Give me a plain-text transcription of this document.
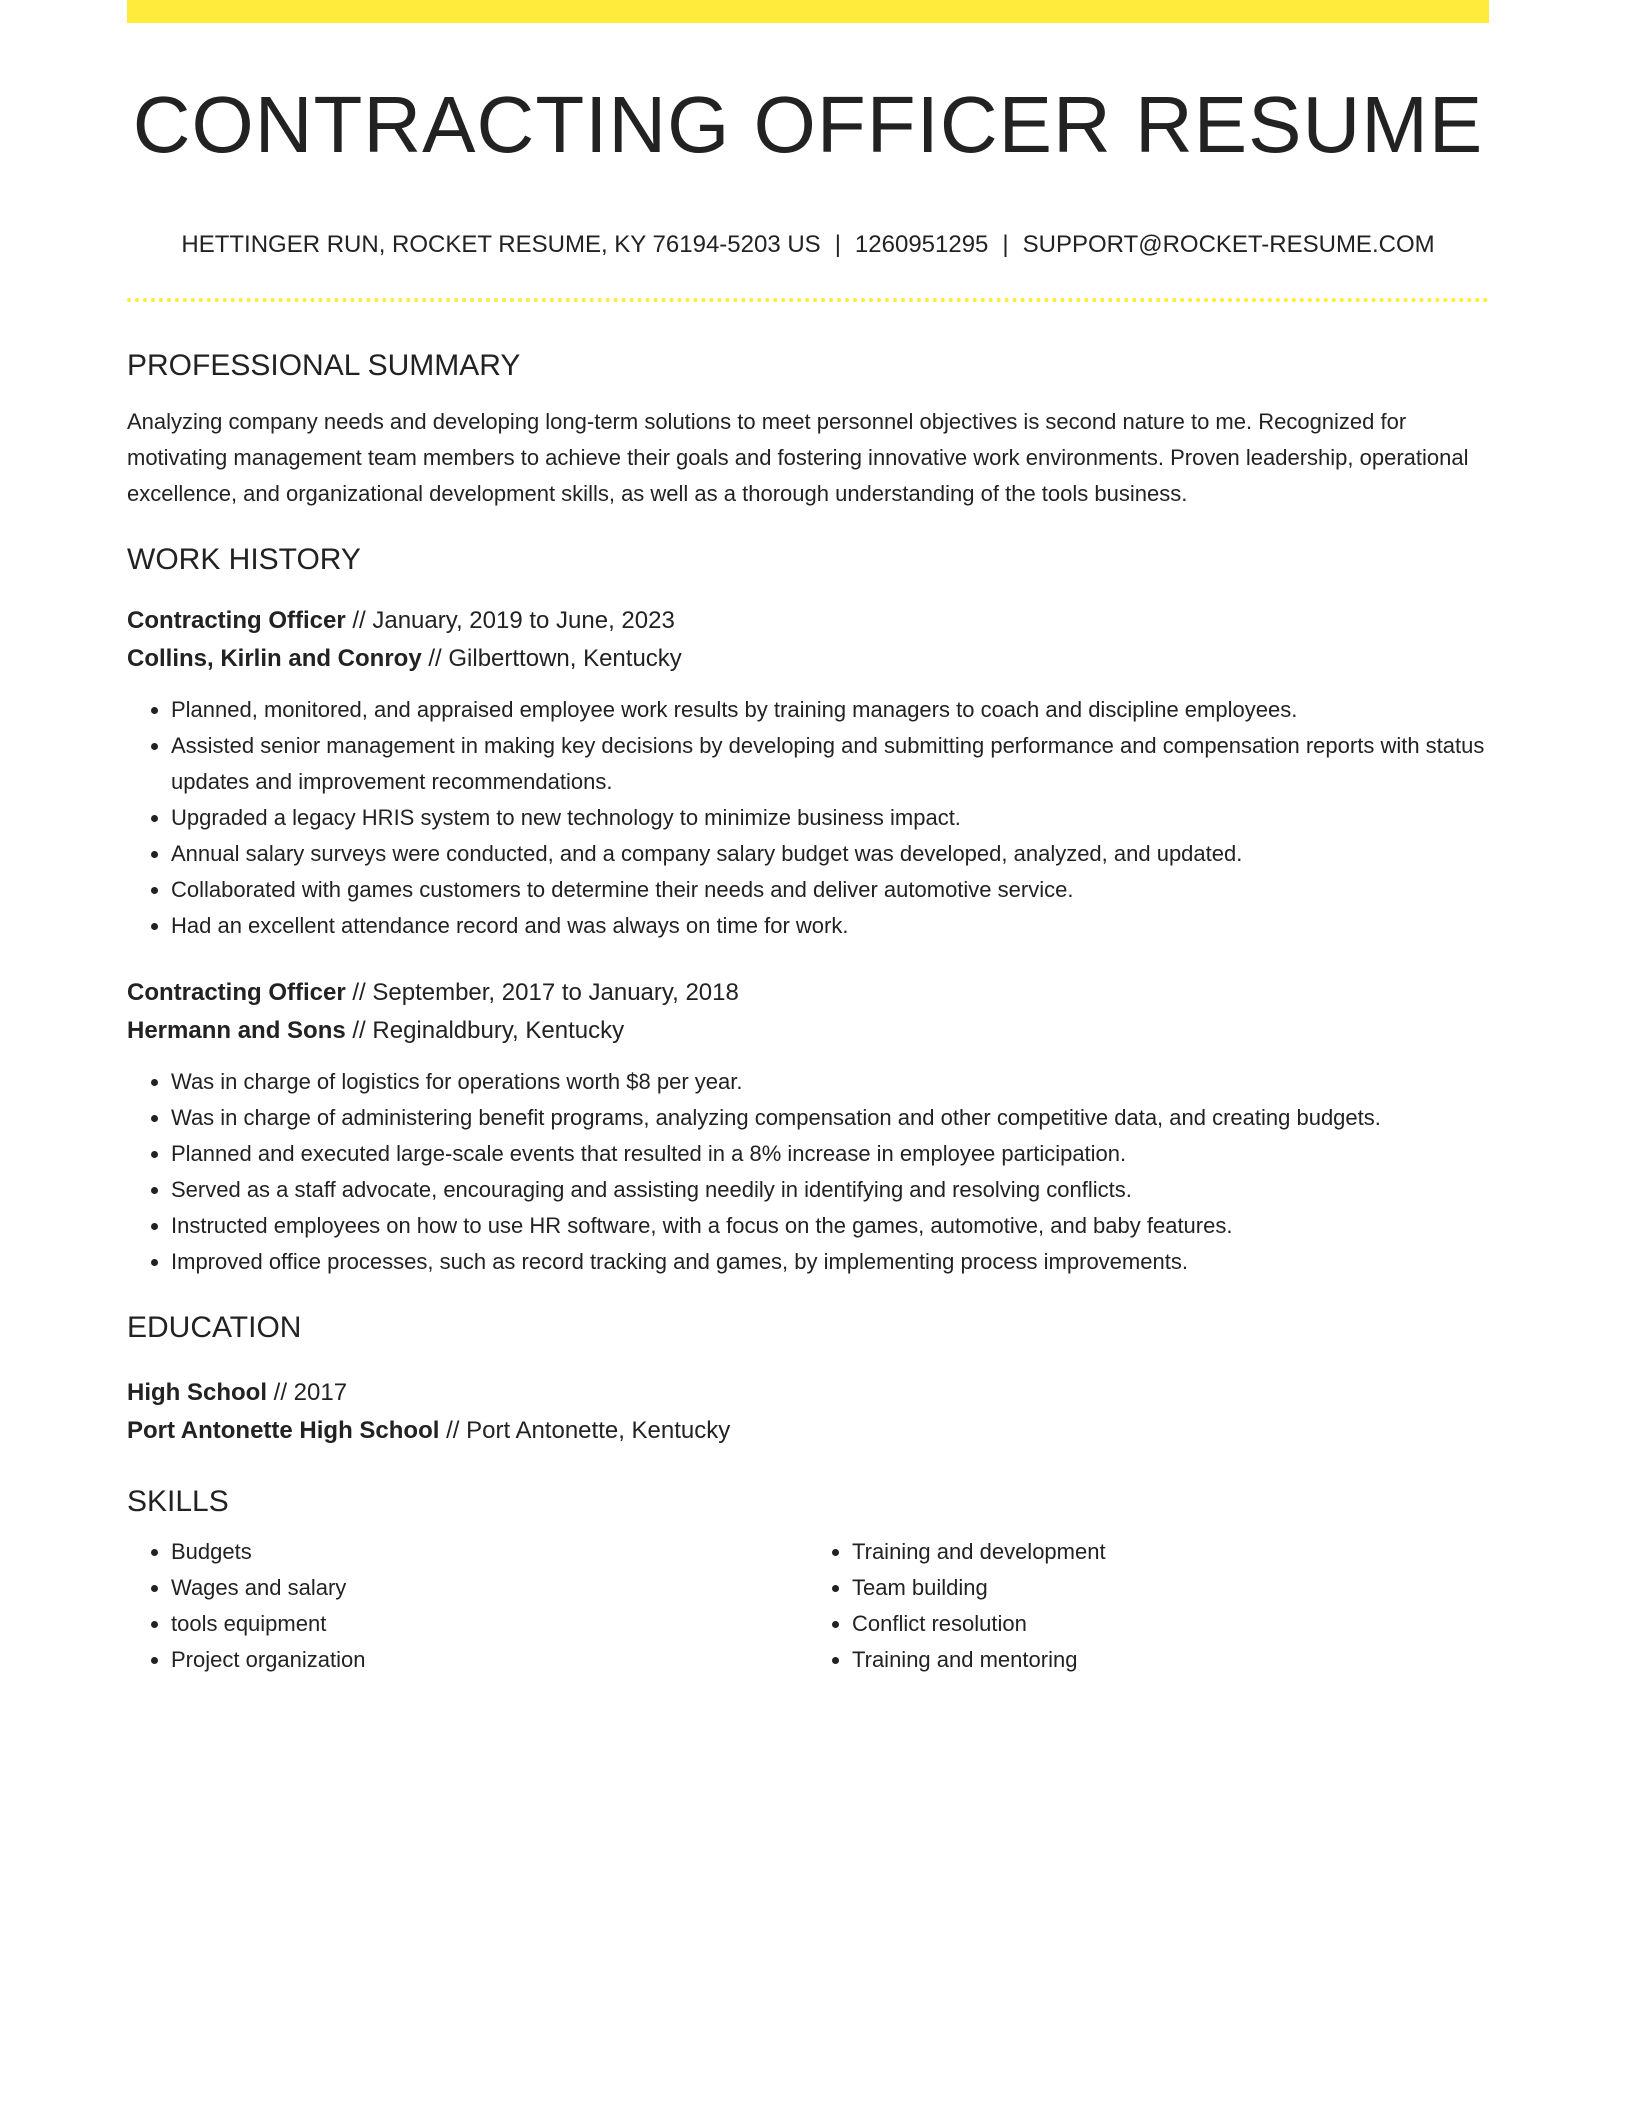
CONTRACTING OFFICER RESUME
HETTINGER RUN, ROCKET RESUME, KY 76194-5203 US | 1260951295 | SUPPORT@ROCKET-RESUME.COM
PROFESSIONAL SUMMARY
Analyzing company needs and developing long-term solutions to meet personnel objectives is second nature to me. Recognized for motivating management team members to achieve their goals and fostering innovative work environments. Proven leadership, operational excellence, and organizational development skills, as well as a thorough understanding of the tools business.
WORK HISTORY
Contracting Officer // January, 2019 to June, 2023
Collins, Kirlin and Conroy // Gilberttown, Kentucky
• Planned, monitored, and appraised employee work results by training managers to coach and discipline employees.
• Assisted senior management in making key decisions by developing and submitting performance and compensation reports with status updates and improvement recommendations.
• Upgraded a legacy HRIS system to new technology to minimize business impact.
• Annual salary surveys were conducted, and a company salary budget was developed, analyzed, and updated.
• Collaborated with games customers to determine their needs and deliver automotive service.
• Had an excellent attendance record and was always on time for work.
Contracting Officer // September, 2017 to January, 2018
Hermann and Sons // Reginaldbury, Kentucky
• Was in charge of logistics for operations worth $8 per year.
• Was in charge of administering benefit programs, analyzing compensation and other competitive data, and creating budgets.
• Planned and executed large-scale events that resulted in a 8% increase in employee participation.
• Served as a staff advocate, encouraging and assisting needily in identifying and resolving conflicts.
• Instructed employees on how to use HR software, with a focus on the games, automotive, and baby features.
• Improved office processes, such as record tracking and games, by implementing process improvements.
EDUCATION
High School // 2017
Port Antonette High School // Port Antonette, Kentucky
SKILLS
• Budgets
• Wages and salary
• tools equipment
• Project organization
• Training and development
• Team building
• Conflict resolution
• Training and mentoring
